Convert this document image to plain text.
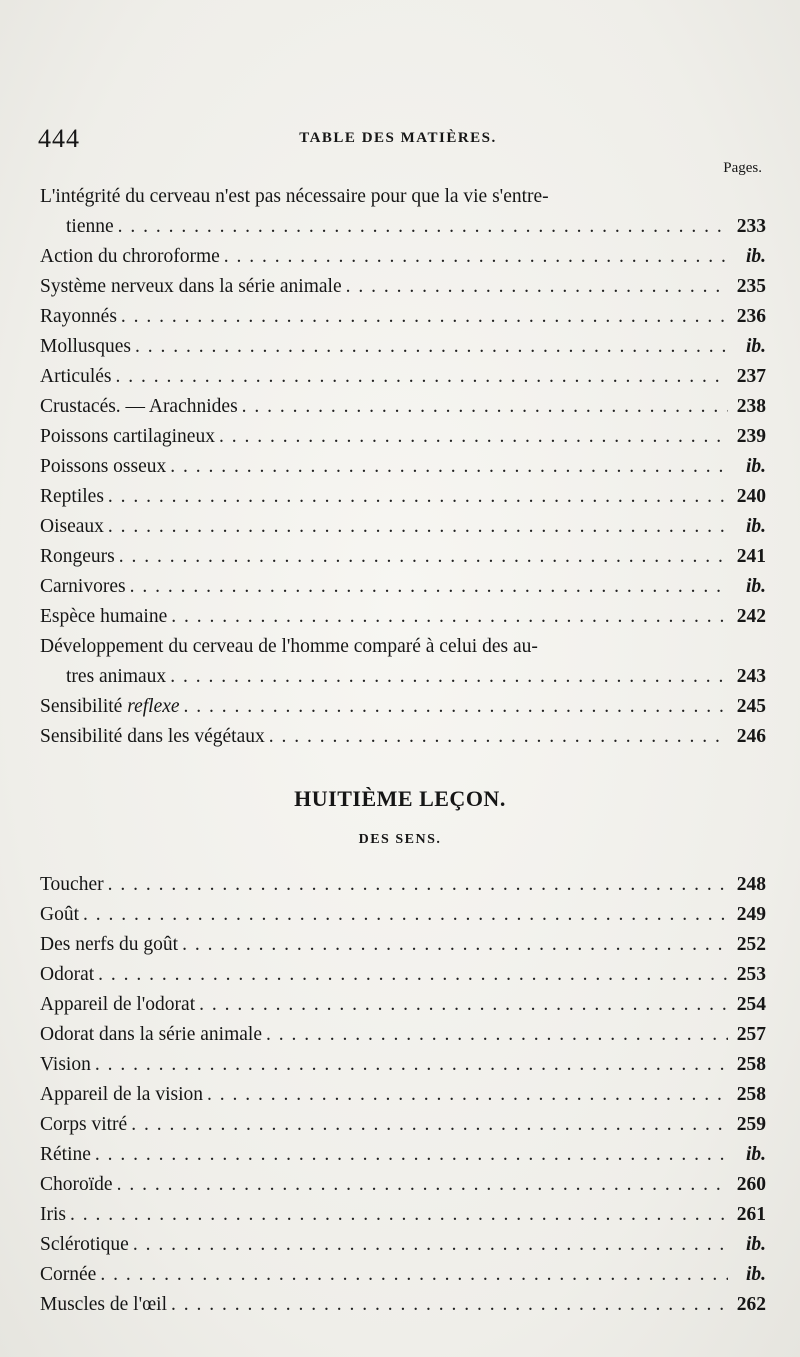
444	TABLE DES MATIÈRES.
Pages.
L'intégrité du cerveau n'est pas nécessaire pour que la vie s'entre-
tienne . . .	233
Action du chroroforme . . .	ib.
Système nerveux dans la série animale . . .	235
Rayonnés . . .	236
Mollusques . . .	ib.
Articulés . . .	237
Crustacés. — Arachnides . . .	238
Poissons cartilagineux . . .	239
Poissons osseux . . .	ib.
Reptiles . . .	240
Oiseaux . . .	ib.
Rongeurs . . .	241
Carnivores . . .	ib.
Espèce humaine . . .	242
Développement du cerveau de l'homme comparé à celui des au-
tres animaux . . .	243
Sensibilité reflexe . . .	245
Sensibilité dans les végétaux . . .	246
HUITIÈME LEÇON.
DES SENS.
Toucher . . .	248
Goût . . .	249
Des nerfs du goût . . .	252
Odorat . . .	253
Appareil de l'odorat . . .	254
Odorat dans la série animale . . .	257
Vision . . .	258
Appareil de la vision . . .	258
Corps vitré . . .	259
Rétine . . .	ib.
Choroïde . . .	260
Iris . . .	261
Sclérotique . . .	ib.
Cornée . . .	ib.
Muscles de l'œil . . .	262
